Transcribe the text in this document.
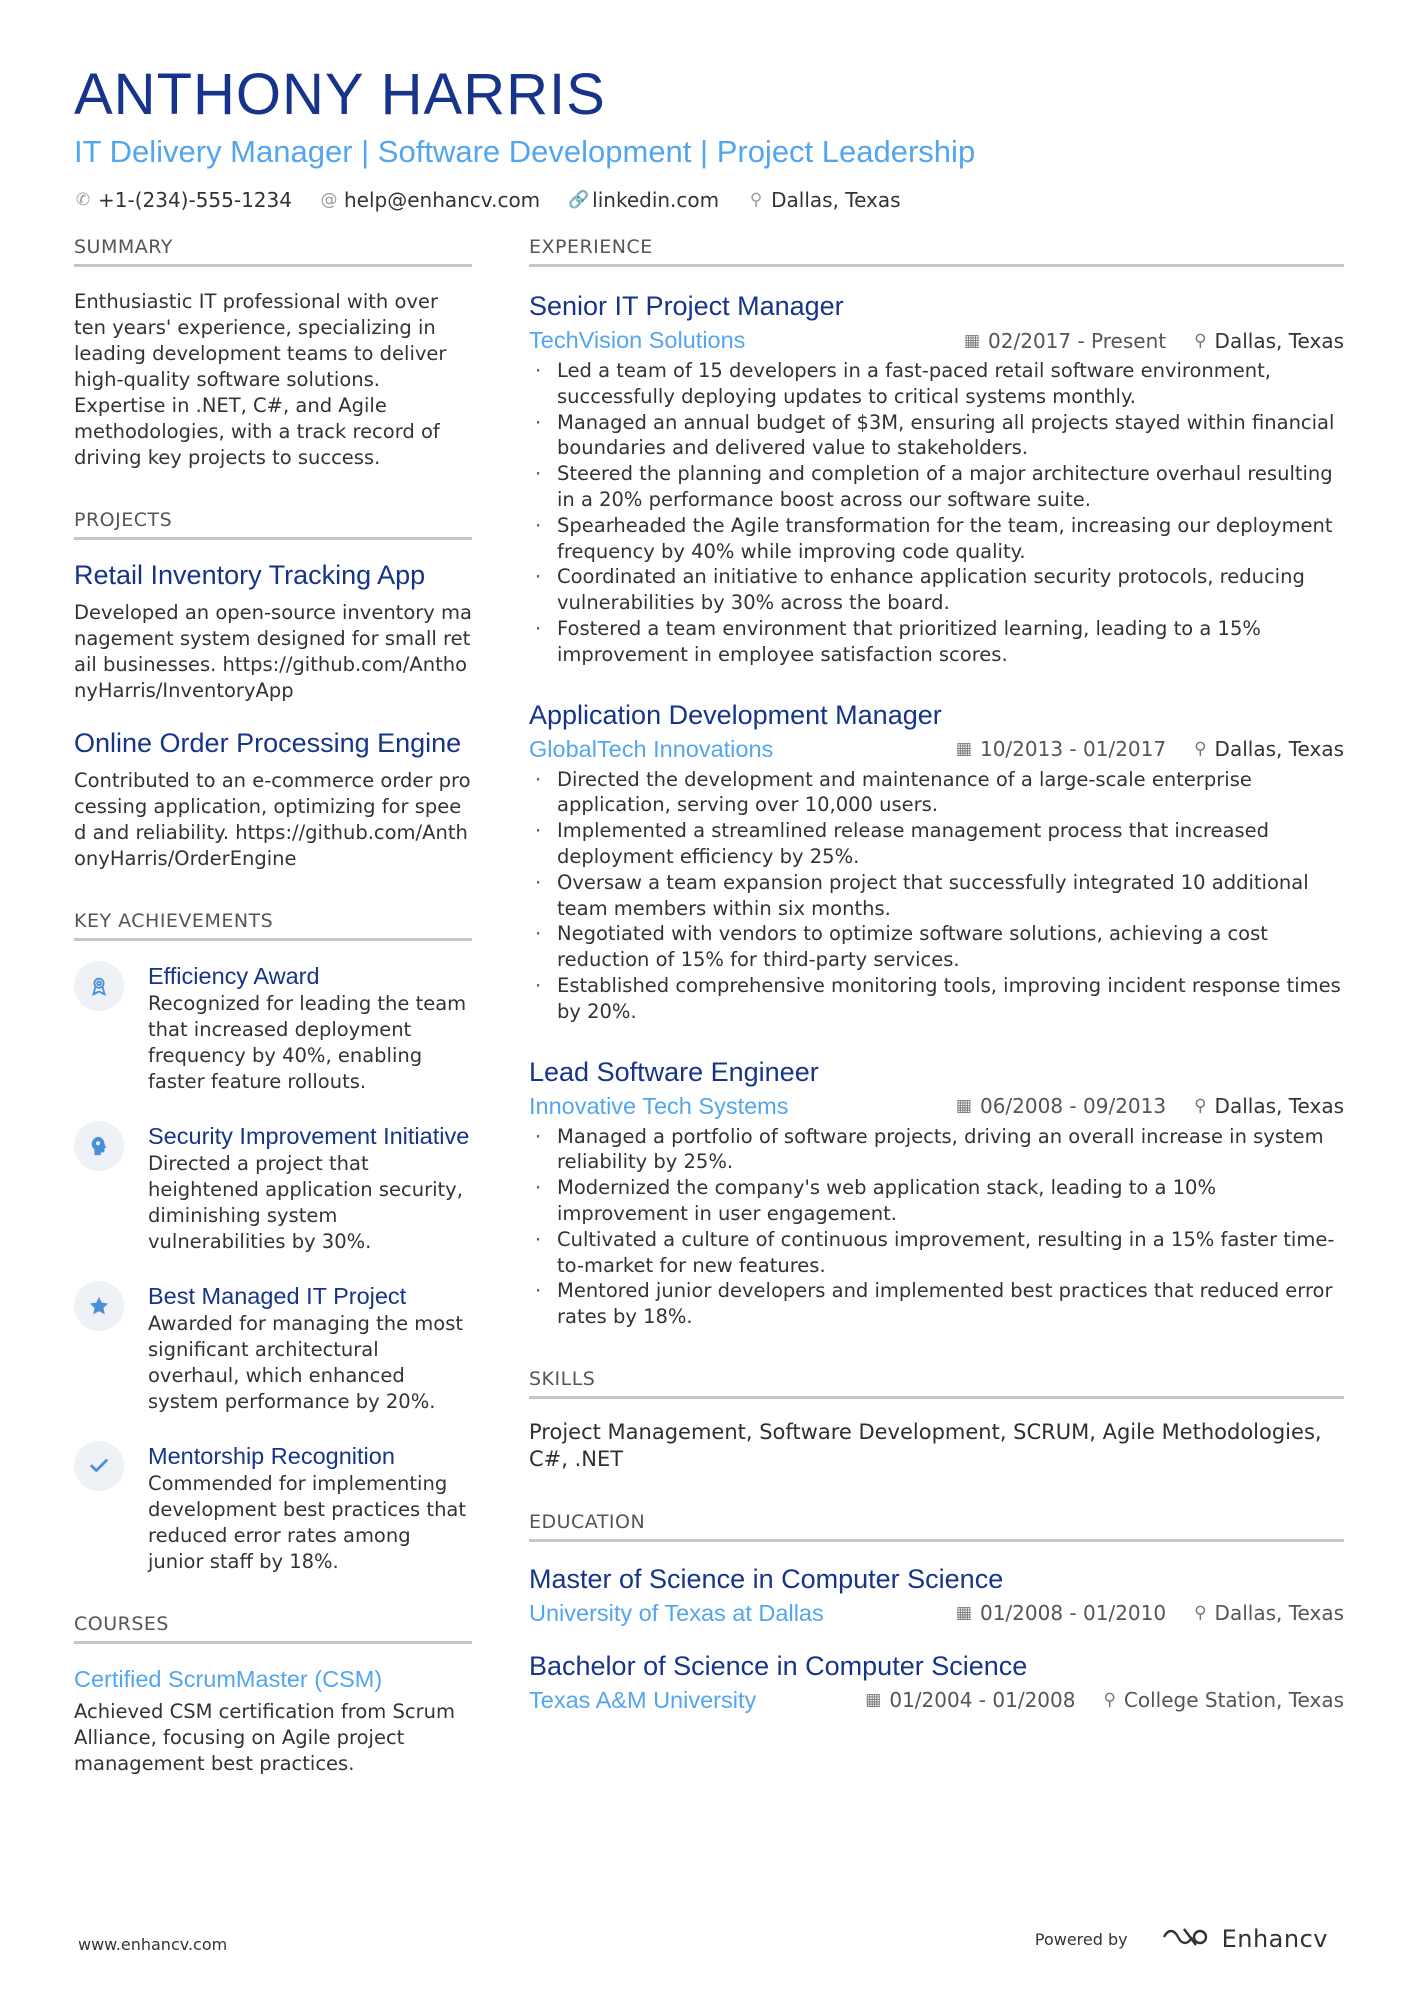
ANTHONY HARRIS
IT Delivery Manager | Software Development | Project Leadership
✆ +1-(234)-555-1234 @ help@enhancv.com 🔗 linkedin.com ⚲ Dallas, Texas
SUMMARY
Enthusiastic IT professional with over ten years' experience, specializing in leading development teams to deliver high-quality software solutions. Expertise in .NET, C#, and Agile methodologies, with a track record of driving key projects to success.
PROJECTS
Retail Inventory Tracking App
Developed an open-source inventory management system designed for small retail businesses. https://github.com/AnthonyHarris/InventoryApp
Online Order Processing Engine
Contributed to an e-commerce order processing application, optimizing for speed and reliability. https://github.com/AnthonyHarris/OrderEngine
KEY ACHIEVEMENTS
Efficiency Award
Recognized for leading the team that increased deployment frequency by 40%, enabling faster feature rollouts.
Security Improvement Initiative
Directed a project that heightened application security, diminishing system vulnerabilities by 30%.
Best Managed IT Project
Awarded for managing the most significant architectural overhaul, which enhanced system performance by 20%.
Mentorship Recognition
Commended for implementing development best practices that reduced error rates among junior staff by 18%.
COURSES
Certified ScrumMaster (CSM)
Achieved CSM certification from Scrum Alliance, focusing on Agile project management best practices.
EXPERIENCE
Senior IT Project Manager
TechVision Solutions	▦ 02/2017 - Present ⚲ Dallas, Texas
· Led a team of 15 developers in a fast-paced retail software environment, successfully deploying updates to critical systems monthly.
· Managed an annual budget of $3M, ensuring all projects stayed within financial boundaries and delivered value to stakeholders.
· Steered the planning and completion of a major architecture overhaul resulting in a 20% performance boost across our software suite.
· Spearheaded the Agile transformation for the team, increasing our deployment frequency by 40% while improving code quality.
· Coordinated an initiative to enhance application security protocols, reducing vulnerabilities by 30% across the board.
· Fostered a team environment that prioritized learning, leading to a 15% improvement in employee satisfaction scores.
Application Development Manager
GlobalTech Innovations	▦ 10/2013 - 01/2017 ⚲ Dallas, Texas
· Directed the development and maintenance of a large-scale enterprise application, serving over 10,000 users.
· Implemented a streamlined release management process that increased deployment efficiency by 25%.
· Oversaw a team expansion project that successfully integrated 10 additional team members within six months.
· Negotiated with vendors to optimize software solutions, achieving a cost reduction of 15% for third-party services.
· Established comprehensive monitoring tools, improving incident response times by 20%.
Lead Software Engineer
Innovative Tech Systems	▦ 06/2008 - 09/2013 ⚲ Dallas, Texas
· Managed a portfolio of software projects, driving an overall increase in system reliability by 25%.
· Modernized the company's web application stack, leading to a 10% improvement in user engagement.
· Cultivated a culture of continuous improvement, resulting in a 15% faster time-to-market for new features.
· Mentored junior developers and implemented best practices that reduced error rates by 18%.
SKILLS
Project Management, Software Development, SCRUM, Agile Methodologies, C#, .NET
EDUCATION
Master of Science in Computer Science
University of Texas at Dallas	▦ 01/2008 - 01/2010 ⚲ Dallas, Texas
Bachelor of Science in Computer Science
Texas A&M University	▦ 01/2004 - 01/2008 ⚲ College Station, Texas
www.enhancv.com	Powered by	Enhancv
